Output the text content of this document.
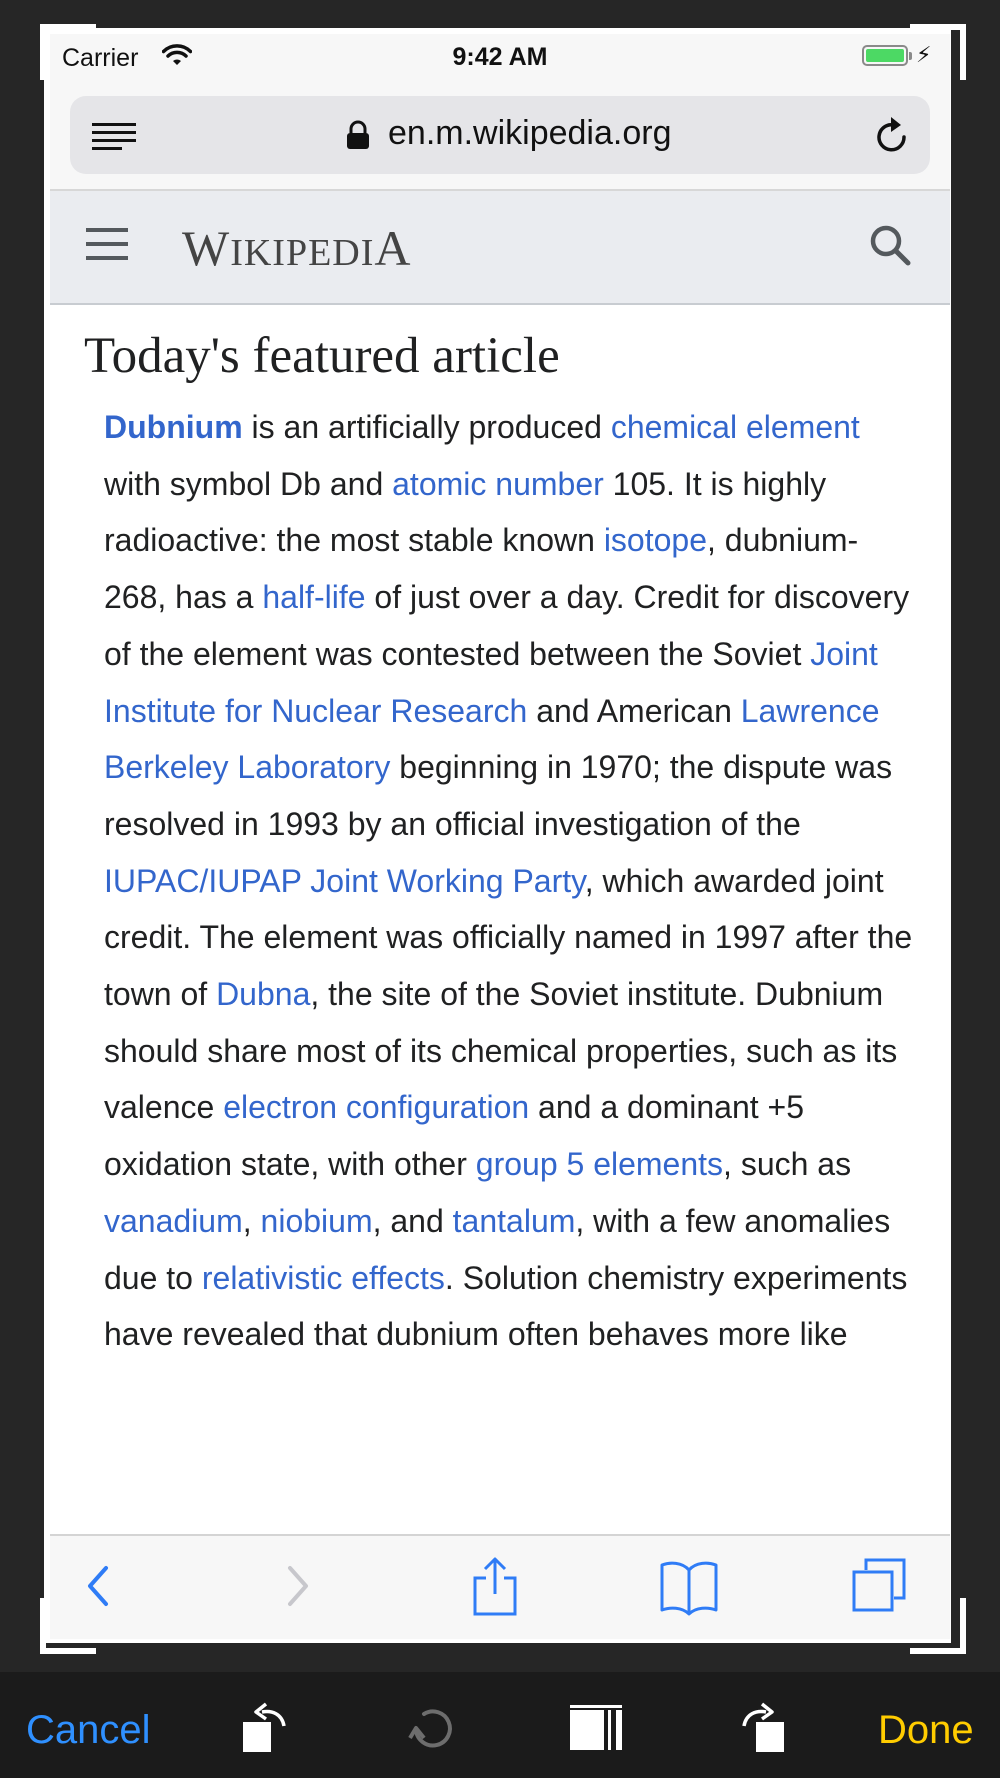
Carrier	9:42 AM	⚡︎
en.m.wikipedia.org
WIKIPEDIA
Today's featured article

Dubnium is an artificially produced chemical element with symbol Db and atomic number 105. It is highly radioactive: the most stable known isotope, dubnium-268, has a half-life of just over a day. Credit for discovery of the element was contested between the Soviet Joint Institute for Nuclear Research and American Lawrence Berkeley Laboratory beginning in 1970; the dispute was resolved in 1993 by an official investigation of the IUPAC/IUPAP Joint Working Party, which awarded joint credit. The element was officially named in 1997 after the town of Dubna, the site of the Soviet institute. Dubnium should share most of its chemical properties, such as its valence electron configuration and a dominant +5 oxidation state, with other group 5 elements, such as vanadium, niobium, and tantalum, with a few anomalies due to relativistic effects. Solution chemistry experiments have revealed that dubnium often behaves more like

Cancel	Done
